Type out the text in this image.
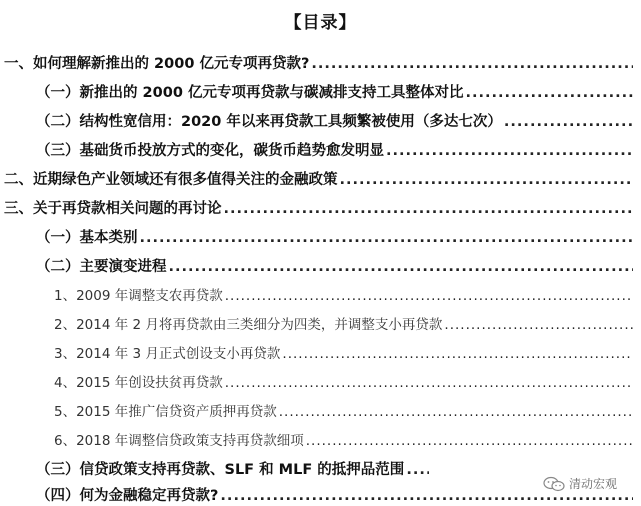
【目录】
一、如何理解新推出的 2000 亿元专项再贷款?
.....
（一）新推出的 2000 亿元专项再贷款与碳减排支持工具整体对比
.....
（二）结构性宽信用：2020 年以来再贷款工具频繁被使用（多达七次）
.....
（三）基础货币投放方式的变化，碳货币趋势愈发明显
.....
二、近期绿色产业领域还有很多值得关注的金融政策
.....
三、关于再贷款相关问题的再讨论
.....
（一）基本类别
.....
（二）主要演变进程
.....
1、2009 年调整支农再贷款
.....
2、2014 年 2 月将再贷款由三类细分为四类，并调整支小再贷款
.....
3、2014 年 3 月正式创设支小再贷款
.....
4、2015 年创设扶贫再贷款
.....
5、2015 年推广信贷资产质押再贷款
.....
6、2018 年调整信贷政策支持再贷款细项
.....
（三）信贷政策支持再贷款、SLF 和 MLF 的抵押品范围
.....
（四）何为金融稳定再贷款?
.....
清动宏观
